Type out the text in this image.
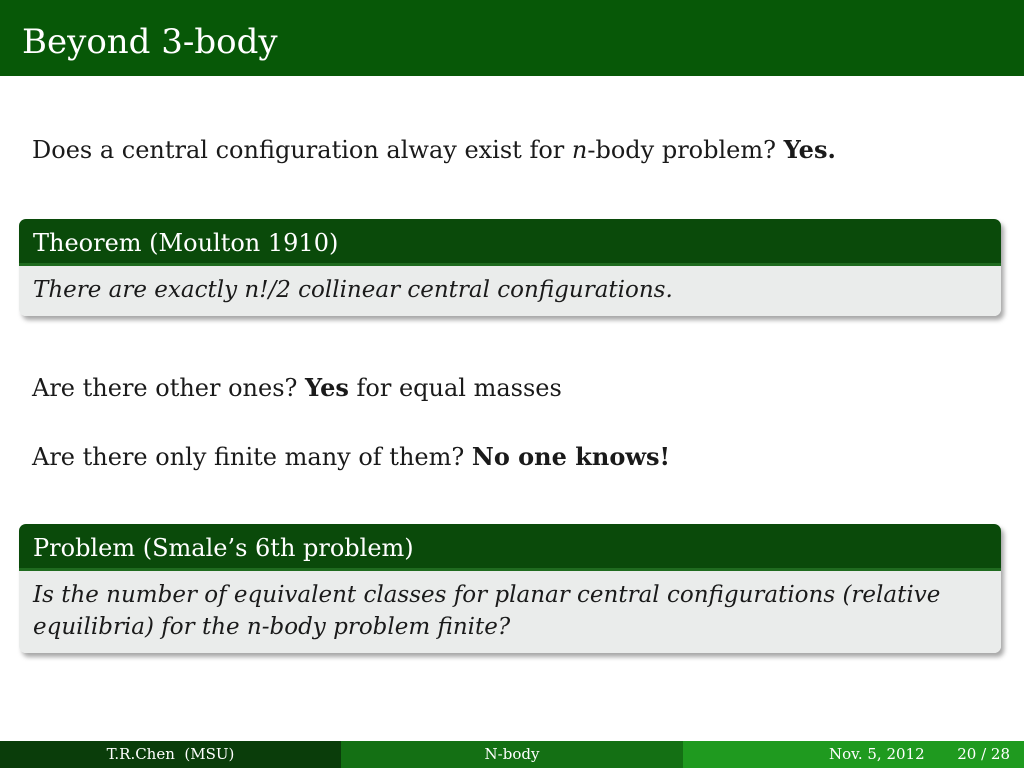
Beyond 3-body
Does a central configuration alway exist for n-body problem? Yes.
Theorem (Moulton 1910)
There are exactly n!/2 collinear central configurations.
Are there other ones? Yes for equal masses
Are there only finite many of them? No one knows!
Problem (Smale’s 6th problem)
Is the number of equivalent classes for planar central configurations (relative equilibria) for the n-body problem finite?
T.R.Chen  (MSU)	N-body	Nov. 5, 2012 20 / 28
